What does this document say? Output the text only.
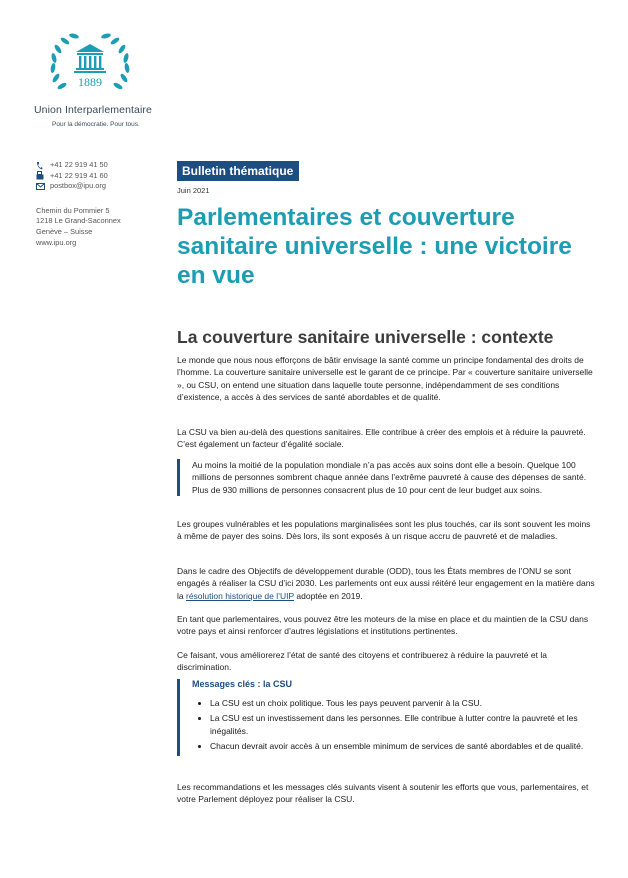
1889
Union Interparlementaire
Pour la démocratie. Pour tous.
+41 22 919 41 50
+41 22 919 41 60
postbox@ipu.org
Chemin du Pommier 5
1218 Le Grand-Saconnex
Genève – Suisse
www.ipu.org
Bulletin thématique
Juin 2021
Parlementaires et couverture sanitaire universelle : une victoire en vue
La couverture sanitaire universelle : contexte

Le monde que nous nous efforçons de bâtir envisage la santé comme un principe fondamental des droits de l’homme. La couverture sanitaire universelle est le garant de ce principe. Par « couverture sanitaire universelle », ou CSU, on entend une situation dans laquelle toute personne, indépendamment de ses conditions d’existence, a accès à des services de santé abordables et de qualité.

La CSU va bien au-delà des questions sanitaires. Elle contribue à créer des emplois et à réduire la pauvreté. C’est également un facteur d’égalité sociale.

Au moins la moitié de la population mondiale n’a pas accès aux soins dont elle a besoin. Quelque 100 millions de personnes sombrent chaque année dans l’extrême pauvreté à cause des dépenses de santé. Plus de 930 millions de personnes consacrent plus de 10 pour cent de leur budget aux soins.

Les groupes vulnérables et les populations marginalisées sont les plus touchés, car ils sont souvent les moins à même de payer des soins. Dès lors, ils sont exposés à un risque accru de pauvreté et de maladies.

Dans le cadre des Objectifs de développement durable (ODD), tous les États membres de l’ONU se sont engagés à réaliser la CSU d’ici 2030. Les parlements ont eux aussi réitéré leur engagement en la matière dans la résolution historique de l’UIP adoptée en 2019.

En tant que parlementaires, vous pouvez être les moteurs de la mise en place et du maintien de la CSU dans votre pays et ainsi renforcer d’autres législations et institutions pertinentes.

Ce faisant, vous améliorerez l’état de santé des citoyens et contribuerez à réduire la pauvreté et la discrimination.

Messages clés : la CSU
• La CSU est un choix politique. Tous les pays peuvent parvenir à la CSU.
• La CSU est un investissement dans les personnes. Elle contribue à lutter contre la pauvreté et les inégalités.
• Chacun devrait avoir accès à un ensemble minimum de services de santé abordables et de qualité.

Les recommandations et les messages clés suivants visent à soutenir les efforts que vous, parlementaires, et votre Parlement déployez pour réaliser la CSU.
